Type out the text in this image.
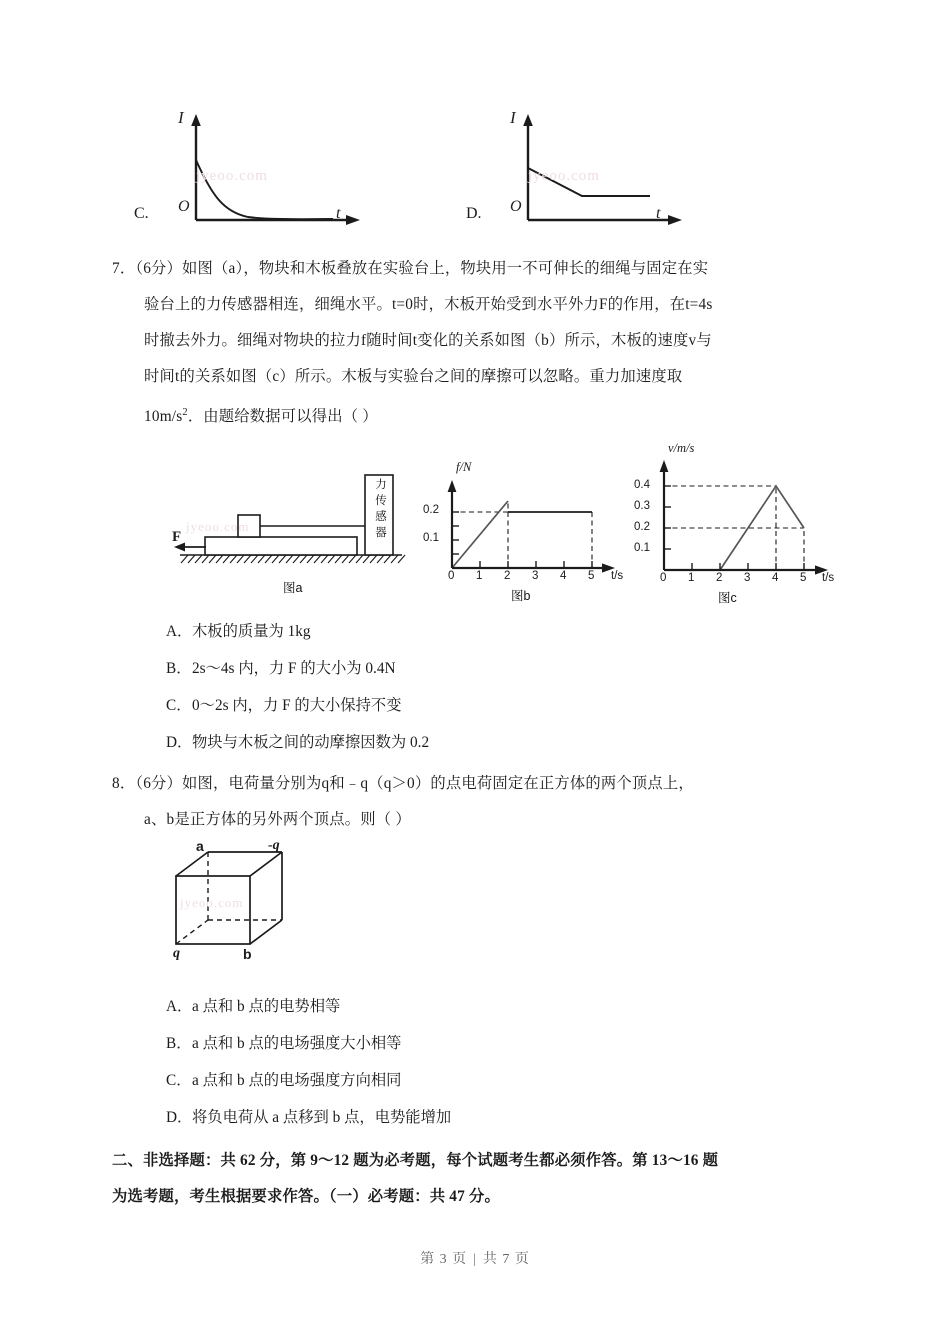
I
O	t
C.
I
O	t
D.
jyeoo.com	jyeoo.com
7．（6分）如图（a），物块和木板叠放在实验台上，物块用一不可伸长的细绳与固定在实
验台上的力传感器相连，细绳水平。t=0时，木板开始受到水平外力F的作用，在t=4s
时撤去外力。细绳对物块的拉力f随时间t变化的关系如图（b）所示，木板的速度v与
时间t的关系如图（c）所示。木板与实验台之间的摩擦可以忽略。重力加速度取
$10m/s^2$．由题给数据可以得出（ ）
F
力
传
感
器
图a
jyeoo.com
f/N
0.2
0.1
0 1 2 3 4 5 t/s
图b
v/m/s
0.4
0.3
0.2
0.1
0 1 2 3 4 5 t/s
图c
A．木板的质量为 1kg
B．2s～4s 内，力 F 的大小为 0.4N
C．0～2s 内，力 F 的大小保持不变
D．物块与木板之间的动摩擦因数为 0.2
8．（6分）如图，电荷量分别为q和﹣q（q＞0）的点电荷固定在正方体的两个顶点上，
a、b是正方体的另外两个顶点。则（ ）
a	-q
q	b
jyeoo.com
A．a 点和 b 点的电势相等
B．a 点和 b 点的电场强度大小相等
C．a 点和 b 点的电场强度方向相同
D．将负电荷从 a 点移到 b 点，电势能增加
二、非选择题：共 62 分，第 9～12 题为必考题，每个试题考生都必须作答。第 13～16 题
为选考题，考生根据要求作答。（一）必考题：共 47 分。
第 3 页 | 共 7 页
